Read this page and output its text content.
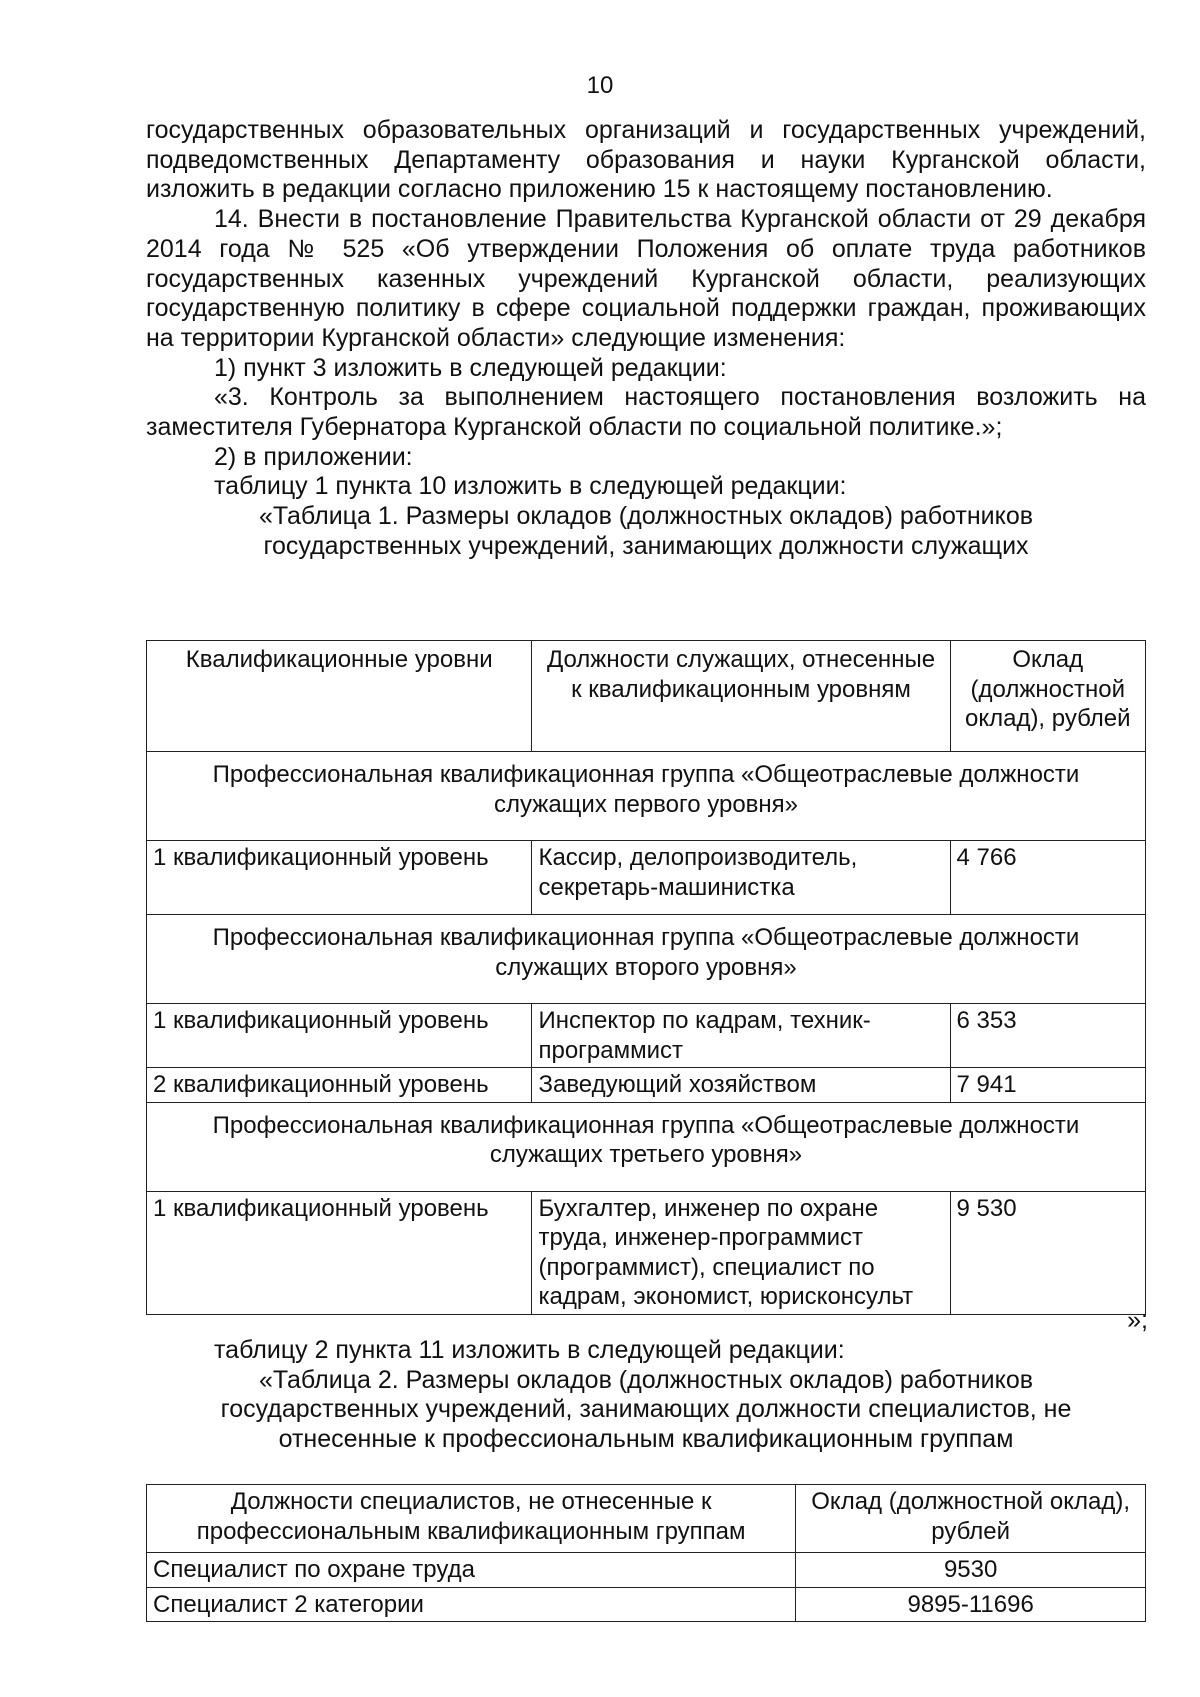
10

государственных образовательных организаций и государственных учреждений, подведомственных Департаменту образования и науки Курганской области, изложить в редакции согласно приложению 15 к настоящему постановлению.

14. Внести в постановление Правительства Курганской области от 29 декабря 2014 года № 525 «Об утверждении Положения об оплате труда работников государственных казенных учреждений Курганской области, реализующих государственную политику в сфере социальной поддержки граждан, проживающих на территории Курганской области» следующие изменения:

1) пункт 3 изложить в следующей редакции:

«3. Контроль за выполнением настоящего постановления возложить на заместителя Губернатора Курганской области по социальной политике.»;

2) в приложении:

таблицу 1 пункта 10 изложить в следующей редакции:

«Таблица 1. Размеры окладов (должностных окладов) работников государственных учреждений, занимающих должности служащих

Квалификационные уровни	Должности служащих, отнесенные к квалификационным уровням	Оклад (должностной оклад), рублей
Профессиональная квалификационная группа «Общеотраслевые должности служащих первого уровня»		
1 квалификационный уровень	Кассир, делопроизводитель, секретарь-машинистка	4 766
Профессиональная квалификационная группа «Общеотраслевые должности служащих второго уровня»		
1 квалификационный уровень	Инспектор по кадрам, техник-программист	6 353
2 квалификационный уровень	Заведующий хозяйством	7 941
Профессиональная квалификационная группа «Общеотраслевые должности служащих третьего уровня»		
1 квалификационный уровень	Бухгалтер, инженер по охране труда, инженер-программист (программист), специалист по кадрам, экономист, юрисконсульт	9 530
»;

таблицу 2 пункта 11 изложить в следующей редакции:

«Таблица 2. Размеры окладов (должностных окладов) работников государственных учреждений, занимающих должности специалистов, не отнесенные к профессиональным квалификационным группам

Должности специалистов, не отнесенные к профессиональным квалификационным группам	Оклад (должностной оклад), рублей
Специалист по охране труда	9530
Специалист 2 категории	9895-11696
